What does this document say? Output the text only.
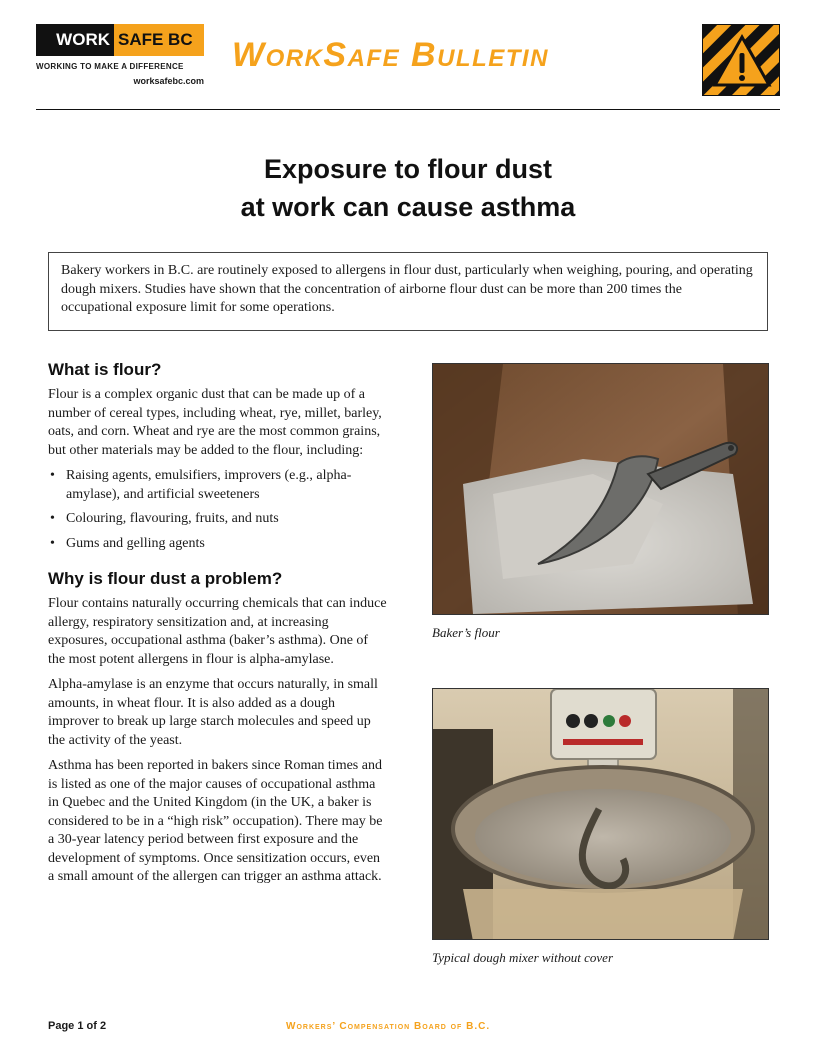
WORK SAFE BC
WORKING TO MAKE A DIFFERENCE
worksafebc.com
WorkSafe Bulletin
Exposure to flour dust
at work can cause asthma
Bakery workers in B.C. are routinely exposed to allergens in flour dust, particularly when weighing, pouring, and operating dough mixers. Studies have shown that the concentration of airborne flour dust can be more than 200 times the occupational exposure limit for some operations.
What is flour?

Flour is a complex organic dust that can be made up of a number of cereal types, including wheat, rye, millet, barley, oats, and corn. Wheat and rye are the most common grains, but other materials may be added to the flour, including:

• Raising agents, emulsifiers, improvers (e.g., alpha-amylase), and artificial sweeteners
• Colouring, flavouring, fruits, and nuts
• Gums and gelling agents
Why is flour dust a problem?

Flour contains naturally occurring chemicals that can induce allergy, respiratory sensitization and, at increasing exposures, occupational asthma (baker’s asthma). One of the most potent allergens in flour is alpha-amylase.

Alpha-amylase is an enzyme that occurs naturally, in small amounts, in wheat flour. It is also added as a dough improver to break up large starch molecules and speed up the activity of the yeast.

Asthma has been reported in bakers since Roman times and is listed as one of the major causes of occupational asthma in Quebec and the United Kingdom (in the UK, a baker is considered to be in a “high risk” occupation). There may be a 30-year latency period between first exposure and the development of symptoms. Once sensitization occurs, even a small amount of the allergen can trigger an asthma attack.

Baker’s flour
Typical dough mixer without cover
Page 1 of 2	Workers’ Compensation Board of B.C.
